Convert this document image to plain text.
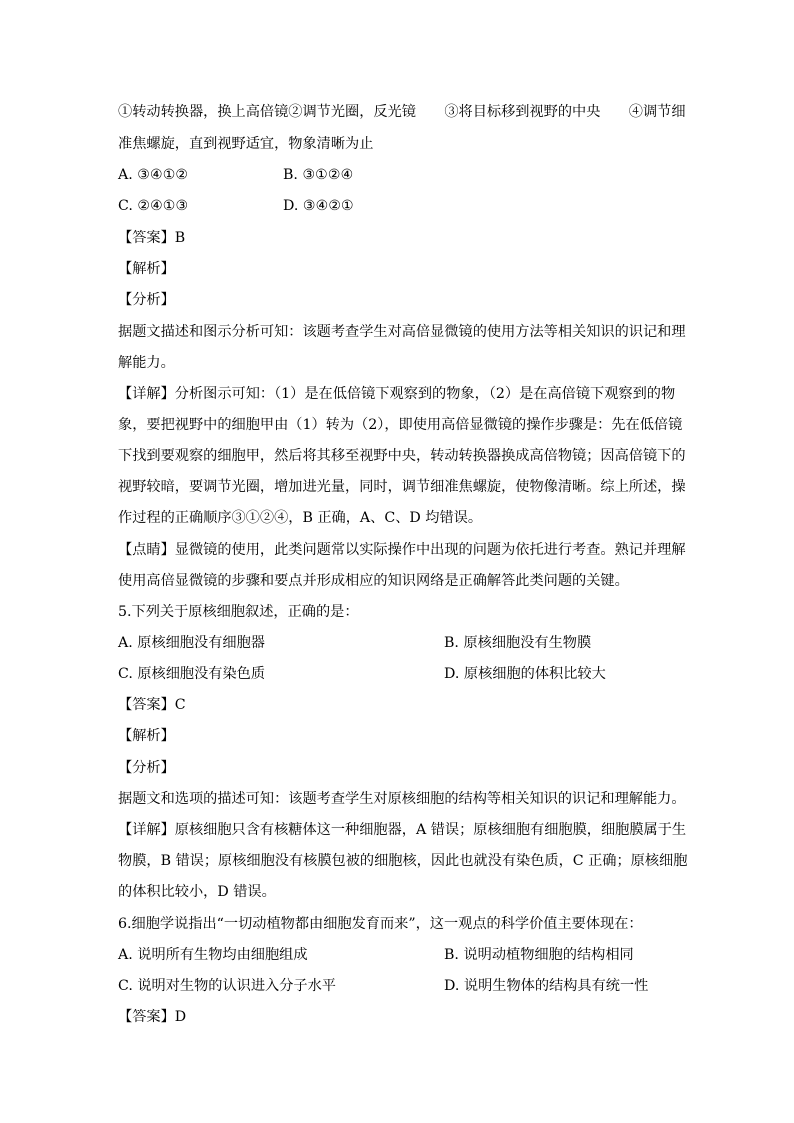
①转动转换器，换上高倍镜②调节光圈，反光镜　　③将目标移到视野的中央　　④调节细
准焦螺旋，直到视野适宜，物象清晰为止
A. ③④①②	B. ③①②④
C. ②④①③	D. ③④②①
【答案】B
【解析】
【分析】
据题文描述和图示分析可知：该题考查学生对高倍显微镜的使用方法等相关知识的识记和理
解能力。
【详解】分析图示可知：（1）是在低倍镜下观察到的物象，（2）是在高倍镜下观察到的物
象，要把视野中的细胞甲由（1）转为（2），即使用高倍显微镜的操作步骤是：先在低倍镜
下找到要观察的细胞甲，然后将其移至视野中央，转动转换器换成高倍物镜；因高倍镜下的
视野较暗，要调节光圈，增加进光量，同时，调节细准焦螺旋，使物像清晰。综上所述，操
作过程的正确顺序③①②④，B 正确，A、C、D 均错误。
【点睛】显微镜的使用，此类问题常以实际操作中出现的问题为依托进行考查。熟记并理解
使用高倍显微镜的步骤和要点并形成相应的知识网络是正确解答此类问题的关键。
5.下列关于原核细胞叙述，正确的是：
A. 原核细胞没有细胞器	B. 原核细胞没有生物膜
C. 原核细胞没有染色质	D. 原核细胞的体积比较大
【答案】C
【解析】
【分析】
据题文和选项的描述可知：该题考查学生对原核细胞的结构等相关知识的识记和理解能力。
【详解】原核细胞只含有核糖体这一种细胞器，A 错误；原核细胞有细胞膜，细胞膜属于生
物膜，B 错误；原核细胞没有核膜包被的细胞核，因此也就没有染色质，C 正确；原核细胞
的体积比较小，D 错误。
6.细胞学说指出“一切动植物都由细胞发育而来”，这一观点的科学价值主要体现在：
A. 说明所有生物均由细胞组成	B. 说明动植物细胞的结构相同
C. 说明对生物的认识进入分子水平	D. 说明生物体的结构具有统一性
【答案】D
